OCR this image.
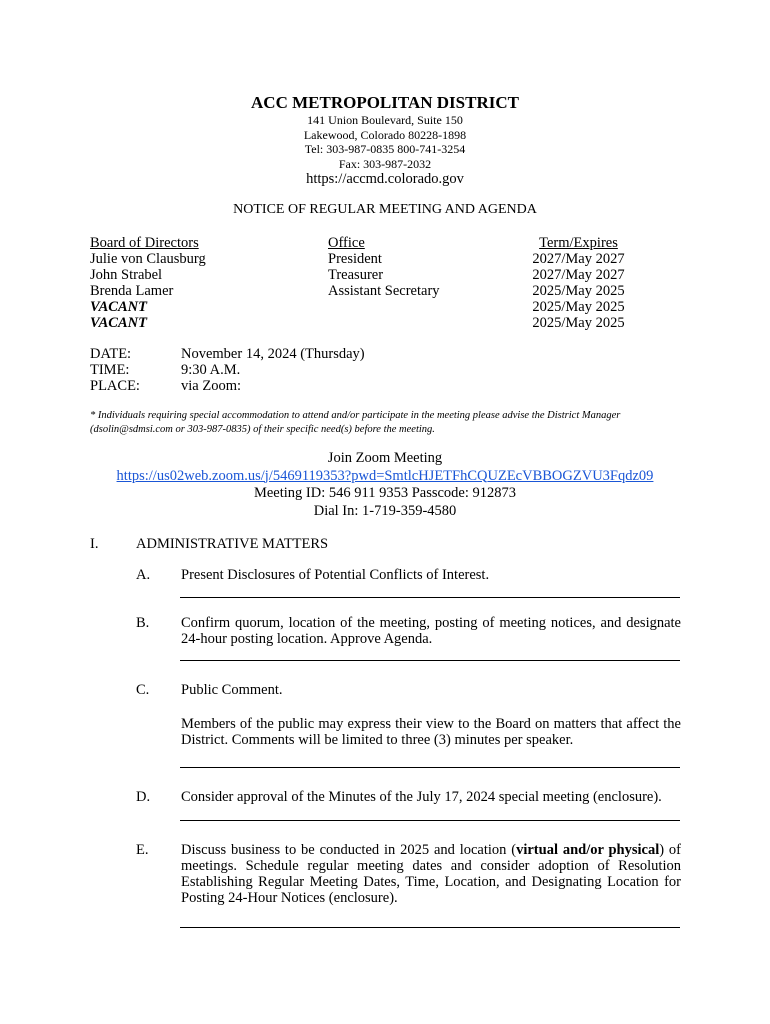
ACC METROPOLITAN DISTRICT
141 Union Boulevard, Suite 150
Lakewood, Colorado 80228-1898
Tel: 303-987-0835 800-741-3254
Fax: 303-987-2032
https://accmd.colorado.gov
NOTICE OF REGULAR MEETING AND AGENDA
Board of Directors
Julie von Clausburg
John Strabel
Brenda Lamer
VACANT
VACANT
Office
President
Treasurer
Assistant Secretary
Term/Expires
2027/May 2027
2027/May 2027
2025/May 2025
2025/May 2025
2025/May 2025
DATE:
TIME:
PLACE:
November 14, 2024 (Thursday)
9:30 A.M.
via Zoom:
* Individuals requiring special accommodation to attend and/or participate in the meeting please advise the District Manager (dsolin@sdmsi.com or 303-987-0835) of their specific need(s) before the meeting.
Join Zoom Meeting
https://us02web.zoom.us/j/5469119353?pwd=SmtlcHJETFhCQUZEcVBBOGZVU3Fqdz09
Meeting ID: 546 911 9353 Passcode: 912873
Dial In: 1-719-359-4580
I.	ADMINISTRATIVE MATTERS
A. Present Disclosures of Potential Conflicts of Interest.
B. Confirm quorum, location of the meeting, posting of meeting notices, and designate 24-hour posting location. Approve Agenda.
C. Public Comment.
Members of the public may express their view to the Board on matters that affect the District. Comments will be limited to three (3) minutes per speaker.
D. Consider approval of the Minutes of the July 17, 2024 special meeting (enclosure).
E. Discuss business to be conducted in 2025 and location (virtual and/or physical) of meetings. Schedule regular meeting dates and consider adoption of Resolution Establishing Regular Meeting Dates, Time, Location, and Designating Location for Posting 24-Hour Notices (enclosure).
